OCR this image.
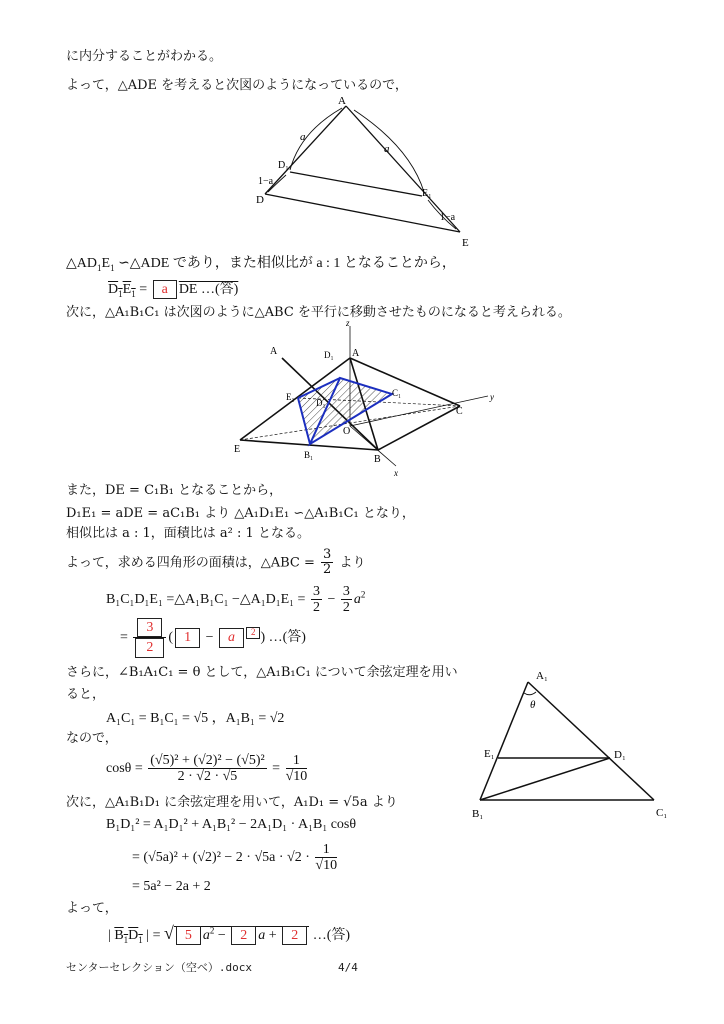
に内分することがわかる。
よって，△ADE を考えると次図のようになっているので，
A
a
a
D₁
1−a
D
E₁
1−a
E
$\triangle AD_1E_1$ ∽△ADE であり，また相似比が a : 1 となることから，
$D_1E_1 = a$ DE …(答)
次に，△A₁B₁C₁ は次図のように△ABC を平行に移動させたものになると考えられる。
A	D₁ A
z
C₁
E₁
D₁
y
C
O
E	B₁	B
x
また，DE = C₁B₁ となることから，
D₁E₁ = aDE = aC₁B₁ より △A₁D₁E₁ ∽△A₁B₁C₁ となり，
相似比は a : 1，面積比は a² : 1 となる。
よって，求める四角形の面積は，△ABC = $\frac{3}{2}$ より
B₁C₁D₁E₁ =△A₁B₁C₁ −△A₁D₁E₁ = $\frac{3}{2} - \frac{3}{2} a^2$
= $\frac{3}{2}$ ( 1 − a 2 ) …(答)
さらに，∠B₁A₁C₁ = θ として，△A₁B₁C₁ について余弦定理を用い
ると，
A₁C₁ = B₁C₁ = √5 ，A₁B₁ = √2
なので，
$\cos\theta = \frac{\text{(√5)² + (√2)² − (√5)²}}{2 \cdot √2 \cdot √5} = \frac{1}{√10}$
次に，△A₁B₁D₁ に余弦定理を用いて，A₁D₁ = √5a より
B₁D₁² = A₁D₁² + A₁B₁² − 2A₁D₁ · A₁B₁ cosθ
= $(√5a)^2 + (√2)^2 - 2 \cdot √5a \cdot √2 \cdot \frac{1}{√10}$
= 5a² − 2a + 2
よって，
| $B_1D_1$ | = √ 5 $a^2 - 2$ a + 2 …(答)
A₁
θ
E₁	D₁
B₁	C₁
センターセレクション（空ベ）.docx	4/4
